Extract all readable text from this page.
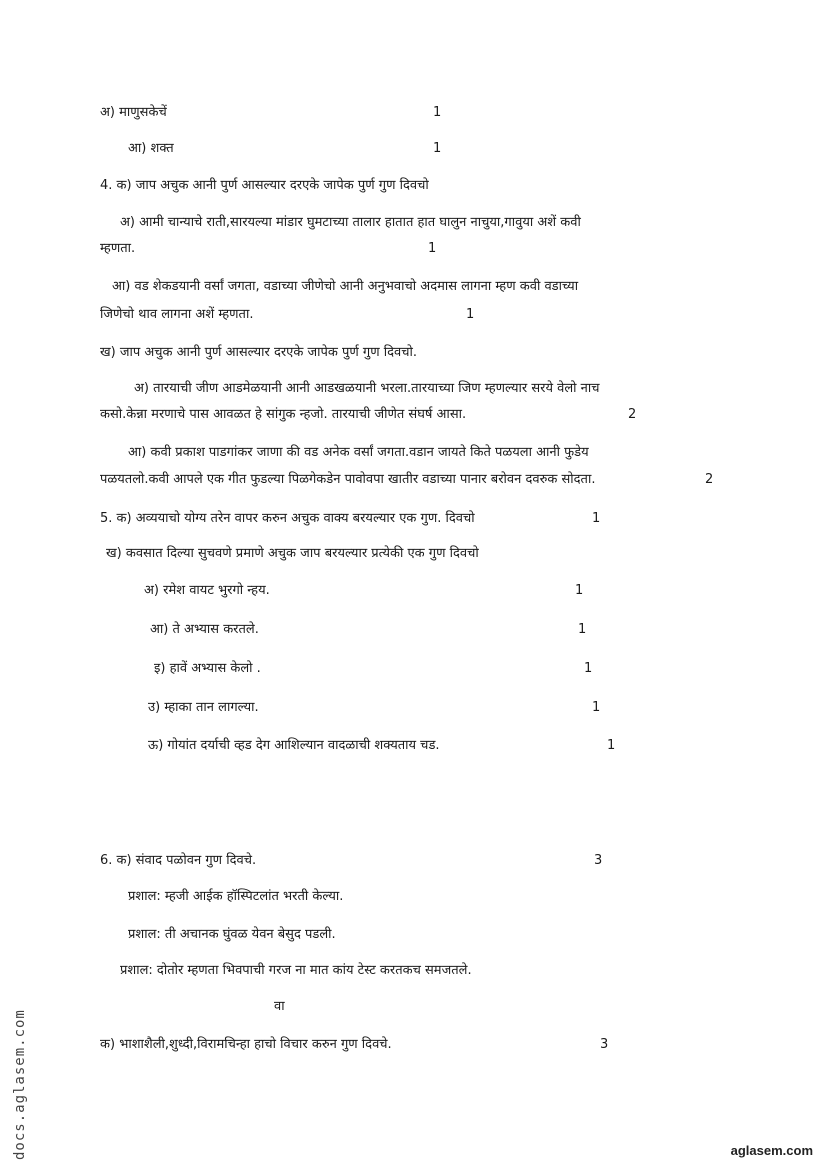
अ) माणुसकेचें	1
आ) शक्त	1
4. क) जाप अचुक आनी पुर्ण आसल्यार दरएके जापेक पुर्ण गुण दिवचो
अ) आमी चान्याचे राती,सारयल्या मांडार घुमटाच्या तालार हातात हात घालुन नाचुया,गावुया अशें कवी
म्हणता.	1
आ) वड शेकडयानी वर्सां जगता, वडाच्या जीणेचो आनी अनुभवाचो अदमास लागना म्हण कवी वडाच्या
जिणेचो थाव लागना अशें म्हणता.	1
ख) जाप अचुक आनी पुर्ण आसल्यार दरएके जापेक पुर्ण गुण दिवचो.
अ) तारयाची जीण आडमेळयानी आनी आडखळयानी भरला.तारयाच्या जिण म्हणल्यार सरये वेलो नाच
कसो.केन्ना मरणाचे पास आवळत हे सांगुक न्हजो. तारयाची जीणेत संघर्ष आसा.	2
आ) कवी प्रकाश पाडगांकर जाणा की वड अनेक वर्सां जगता.वडान जायते किते पळयला आनी फुडेय
पळयतलो.कवी आपले एक गीत फुडल्या पिळगेकडेन पावोवपा खातीर वडाच्या पानार बरोवन दवरुक सोदता.	2
5. क) अव्ययाचो योग्य तरेन वापर करुन अचुक वाक्य बरयल्यार एक गुण. दिवचो	1
ख) कवसात दिल्या सुचवणे प्रमाणे अचुक जाप बरयल्यार प्रत्येकी एक गुण दिवचो
अ) रमेश वायट भुरगो न्हय.	1
आ) ते अभ्यास करतले.	1
इ) हावें अभ्यास केलो .	1
उ) म्हाका तान लागल्या.	1
ऊ) गोयांत दर्याची व्हड देग आशिल्यान वादळाची शक्यताय चड.	1
6. क) संवाद पळोवन गुण दिवचे.	3
प्रशाल: म्हजी आईक हॉस्पिटलांत भरती केल्या.
प्रशाल: ती अचानक घुंवळ येवन बेसुद पडली.
प्रशाल: दोतोर म्हणता भिवपाची गरज ना मात कांय टेस्ट करतकच समजतले.
वा
क) भाशाशैली,शुध्दी,विरामचिन्हा हाचो विचार करुन गुण दिवचे.	3
docs.aglasem.com	aglasem.com
